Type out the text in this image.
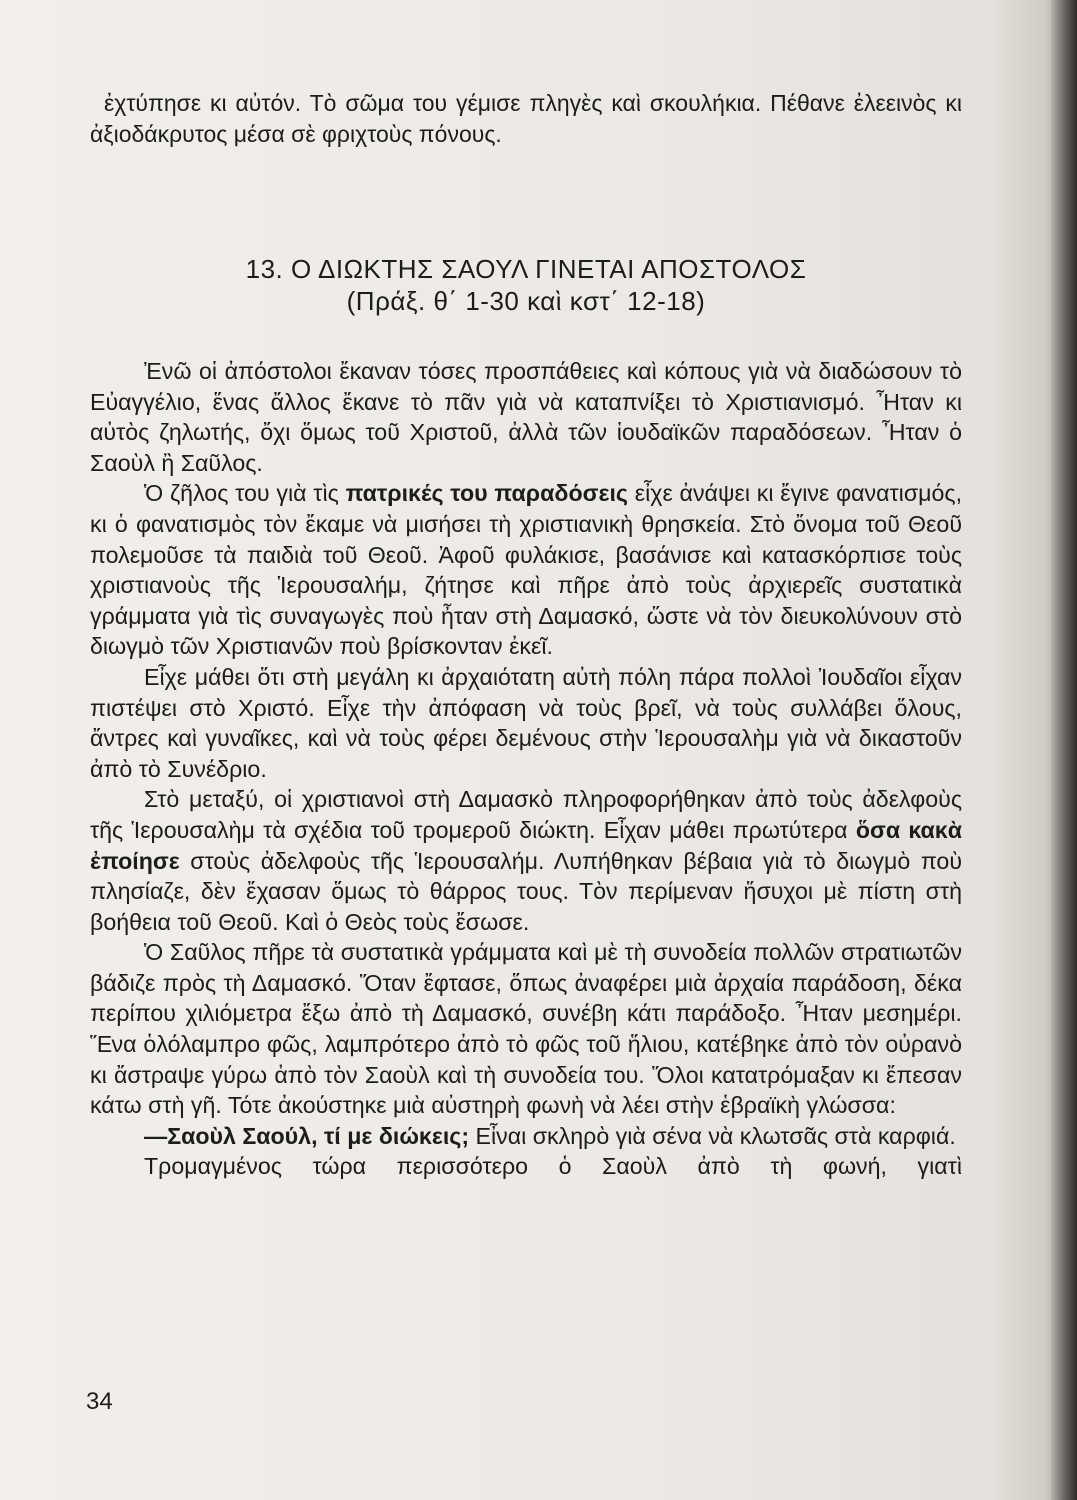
ἐχτύπησε κι αὐτόν. Τὸ σῶμα του γέμισε πληγὲς καὶ σκουλήκια. Πέθανε ἐλεεινὸς κι ἀξιοδάκρυτος μέσα σὲ φριχτοὺς πόνους.

13. Ο ΔΙΩΚΤΗΣ ΣΑΟΥΛ ΓΙΝΕΤΑΙ ΑΠΟΣΤΟΛΟΣ
(Πράξ. θ΄ 1-30 καὶ κστ΄ 12-18)

Ἐνῶ οἱ ἀπόστολοι ἔκαναν τόσες προσπάθειες καὶ κόπους γιὰ νὰ διαδώσουν τὸ Εὐαγγέλιο, ἕνας ἄλλος ἔκανε τὸ πᾶν γιὰ νὰ καταπνίξει τὸ Χριστιανισμό. Ἦταν κι αὐτὸς ζηλωτής, ὄχι ὅμως τοῦ Χριστοῦ, ἀλλὰ τῶν ἰουδαϊκῶν παραδόσεων. Ἦταν ὁ Σαοὺλ ἢ Σαῦλος.

Ὁ ζῆλος του γιὰ τὶς πατρικές του παραδόσεις εἶχε ἀνάψει κι ἔγινε φανατισμός, κι ὁ φανατισμὸς τὸν ἔκαμε νὰ μισήσει τὴ χριστιανικὴ θρησκεία. Στὸ ὄνομα τοῦ Θεοῦ πολεμοῦσε τὰ παιδιὰ τοῦ Θεοῦ. Ἀφοῦ φυλάκισε, βασάνισε καὶ κατασκόρπισε τοὺς χριστιανοὺς τῆς Ἱερουσαλήμ, ζήτησε καὶ πῆρε ἀπὸ τοὺς ἀρχιερεῖς συστατικὰ γράμματα γιὰ τὶς συναγωγὲς ποὺ ἦταν στὴ Δαμασκό, ὥστε νὰ τὸν διευκολύνουν στὸ διωγμὸ τῶν Χριστιανῶν ποὺ βρίσκονταν ἐκεῖ.

Εἶχε μάθει ὅτι στὴ μεγάλη κι ἀρχαιότατη αὐτὴ πόλη πάρα πολλοὶ Ἰουδαῖοι εἶχαν πιστέψει στὸ Χριστό. Εἶχε τὴν ἀπόφαση νὰ τοὺς βρεῖ, νὰ τοὺς συλλάβει ὅλους, ἄντρες καὶ γυναῖκες, καὶ νὰ τοὺς φέρει δεμένους στὴν Ἱερουσαλὴμ γιὰ νὰ δικαστοῦν ἀπὸ τὸ Συνέδριο.

Στὸ μεταξύ, οἱ χριστιανοὶ στὴ Δαμασκὸ πληροφορήθηκαν ἀπὸ τοὺς ἀδελφοὺς τῆς Ἱερουσαλὴμ τὰ σχέδια τοῦ τρομεροῦ διώκτη. Εἶχαν μάθει πρωτύτερα ὅσα κακὰ ἐποίησε στοὺς ἀδελφοὺς τῆς Ἱερουσαλήμ. Λυπήθηκαν βέβαια γιὰ τὸ διωγμὸ ποὺ πλησίαζε, δὲν ἔχασαν ὅμως τὸ θάρρος τους. Τὸν περίμεναν ἥσυχοι μὲ πίστη στὴ βοήθεια τοῦ Θεοῦ. Καὶ ὁ Θεὸς τοὺς ἔσωσε.

Ὁ Σαῦλος πῆρε τὰ συστατικὰ γράμματα καὶ μὲ τὴ συνοδεία πολλῶν στρατιωτῶν βάδιζε πρὸς τὴ Δαμασκό. Ὅταν ἔφτασε, ὅπως ἀναφέρει μιὰ ἀρχαία παράδοση, δέκα περίπου χιλιόμετρα ἔξω ἀπὸ τὴ Δαμασκό, συνέβη κάτι παράδοξο. Ἦταν μεσημέρι. Ἕνα ὁλόλαμπρο φῶς, λαμπρότερο ἀπὸ τὸ φῶς τοῦ ἥλιου, κατέβηκε ἀπὸ τὸν οὐρανὸ κι ἄστραψε γύρω ἀπὸ τὸν Σαοὺλ καὶ τὴ συνοδεία του. Ὅλοι κατατρόμαξαν κι ἔπεσαν κάτω στὴ γῆ. Τότε ἀκούστηκε μιὰ αὐστηρὴ φωνὴ νὰ λέει στὴν ἑβραϊκὴ γλώσσα:

—Σαοὺλ Σαούλ, τί με διώκεις; Εἶναι σκληρὸ γιὰ σένα νὰ κλωτσᾶς στὰ καρφιά.

Τρομαγμένος τώρα περισσότερο ὁ Σαοὺλ ἀπὸ τὴ φωνή, γιατὶ

34
